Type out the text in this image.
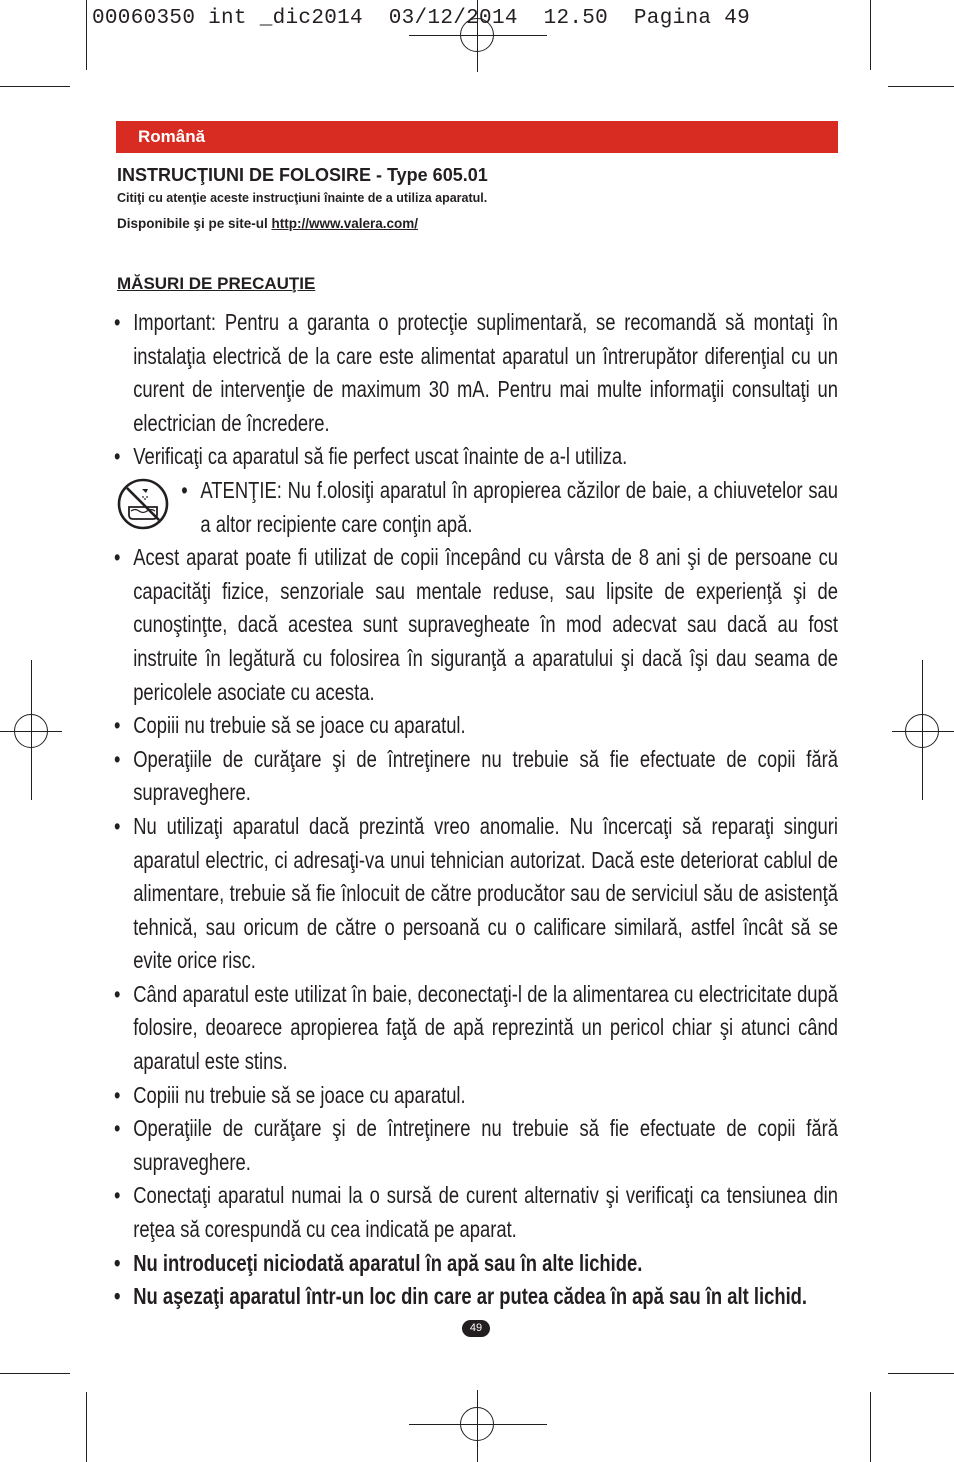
00060350 int _dic2014  03/12/2014  12.50  Pagina 49
Română
INSTRUCŢIUNI DE FOLOSIRE - Type 605.01
Citiţi cu atenţie aceste instrucţiuni înainte de a utiliza aparatul.
Disponibile şi pe site-ul http://www.valera.com/
MĂSURI DE PRECAUŢIE
• Important: Pentru a garanta o protecţie suplimentară, se recomandă să montaţi în instalaţia electrică de la care este alimentat aparatul un întrerupător diferenţial cu un curent de intervenţie de maximum 30 mA. Pentru mai multe informaţii consultaţi un electrician de încredere.
• Verificaţi ca aparatul să fie perfect uscat înainte de a-l utiliza.
• ATENŢIE: Nu f.olosiţi aparatul în apropierea căzilor de baie, a chiuvetelor sau a altor recipiente care conţin apă.
• Acest aparat poate fi utilizat de copii începând cu vârsta de 8 ani şi de persoane cu capacităţi fizice, senzoriale sau mentale reduse, sau lipsite de experienţă şi de cunoştinţte, dacă acestea sunt supravegheate în mod adecvat sau dacă au fost instruite în legătură cu folosirea în siguranţă a aparatului şi dacă îşi dau seama de pericolele asociate cu acesta.
• Copiii nu trebuie să se joace cu aparatul.
• Operaţiile de curăţare şi de întreţinere nu trebuie să fie efectuate de copii fără supraveghere.
• Nu utilizaţi aparatul dacă prezintă vreo anomalie. Nu încercaţi să reparaţi singuri aparatul electric, ci adresaţi-va unui tehnician autorizat. Dacă este deteriorat cablul de alimentare, trebuie să fie înlocuit de către producător sau de serviciul său de asistenţă tehnică, sau oricum de către o persoană cu o calificare similară, astfel încât să se evite orice risc.
• Când aparatul este utilizat în baie, deconectaţi-l de la alimentarea cu electricitate după folosire, deoarece apropierea faţă de apă reprezintă un pericol chiar şi atunci când aparatul este stins.
• Copiii nu trebuie să se joace cu aparatul.
• Operaţiile de curăţare şi de întreţinere nu trebuie să fie efectuate de copii fără supraveghere.
• Conectaţi aparatul numai la o sursă de curent alternativ şi verificaţi ca tensiunea din reţea să corespundă cu cea indicată pe aparat.
• Nu introduceţi niciodată aparatul în apă sau în alte lichide.
• Nu aşezaţi aparatul într-un loc din care ar putea cădea în apă sau în alt lichid.
49
